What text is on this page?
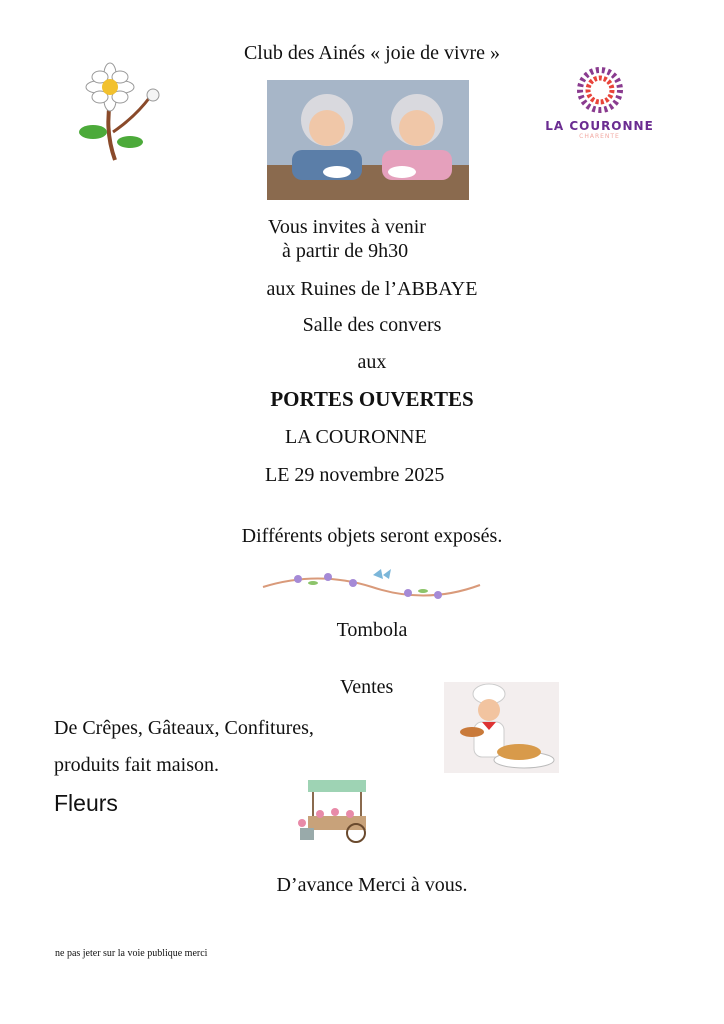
Club des Ainés « joie de vivre »
LA COURONNE
CHARENTE
Vous invites à venir
à partir de 9h30
aux Ruines de l’ABBAYE
Salle des convers
aux
PORTES OUVERTES
LA COURONNE
LE 29 novembre 2025
Différents objets seront exposés.
Tombola
Ventes
De Crêpes, Gâteaux, Confitures,
produits fait maison.
Fleurs
D’avance Merci à vous.
ne pas jeter sur la voie publique merci
